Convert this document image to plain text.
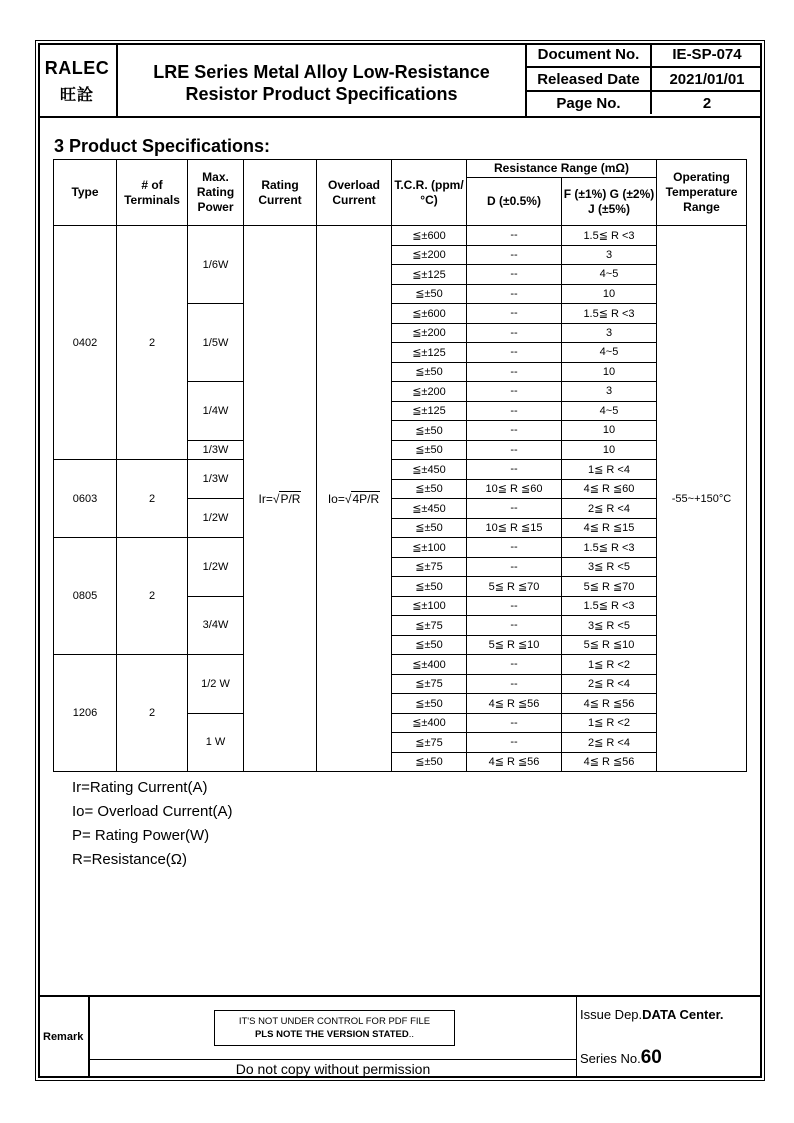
RALEC
旺詮
LRE Series Metal Alloy Low-Resistance
Resistor Product Specifications
Document No.	IE-SP-074
Released Date	2021/01/01
Page No.	2
3 Product Specifications:
Type	# of Terminals	Max. Rating Power	Rating Current	Overload Current	T.C.R. (ppm/°C)	Resistance Range (mΩ)		Operating Temperature Range
						D (±0.5%)	F (±1%) G (±2%) J (±5%)	
0402	2	1/6W	Ir=√P/R	Io=√4P/R	≦±600	--	1.5≦ R <3	-55~+150°C
					≦±200	--	3	
					≦±125	--	4~5	
					≦±50	--	10	
		1/5W			≦±600	--	1.5≦ R <3	
					≦±200	--	3	
					≦±125	--	4~5	
					≦±50	--	10	
		1/4W			≦±200	--	3	
					≦±125	--	4~5	
					≦±50	--	10	
		1/3W			≦±50	--	10	
0603	2	1/3W			≦±450	--	1≦ R <4	
					≦±50	10≦ R ≦60	4≦ R ≦60	
		1/2W			≦±450	--	2≦ R <4	
					≦±50	10≦ R ≦15	4≦ R ≦15	
0805	2	1/2W			≦±100	--	1.5≦ R <3	
					≦±75	--	3≦ R <5	
					≦±50	5≦ R ≦70	5≦ R ≦70	
		3/4W			≦±100	--	1.5≦ R <3	
					≦±75	--	3≦ R <5	
					≦±50	5≦ R ≦10	5≦ R ≦10	
1206	2	1/2 W			≦±400	--	1≦ R <2	
					≦±75	--	2≦ R <4	
					≦±50	4≦ R ≦56	4≦ R ≦56	
		1 W			≦±400	--	1≦ R <2	
					≦±75	--	2≦ R <4	
					≦±50	4≦ R ≦56	4≦ R ≦56	
Ir=Rating Current(A)
Io= Overload Current(A)
P= Rating Power(W)
R=Resistance(Ω)
Remark
IT'S NOT UNDER CONTROL FOR PDF FILE
PLS NOTE THE VERSION STATED..
Do not copy without permission
Issue Dep.DATA Center.
Series No.60
